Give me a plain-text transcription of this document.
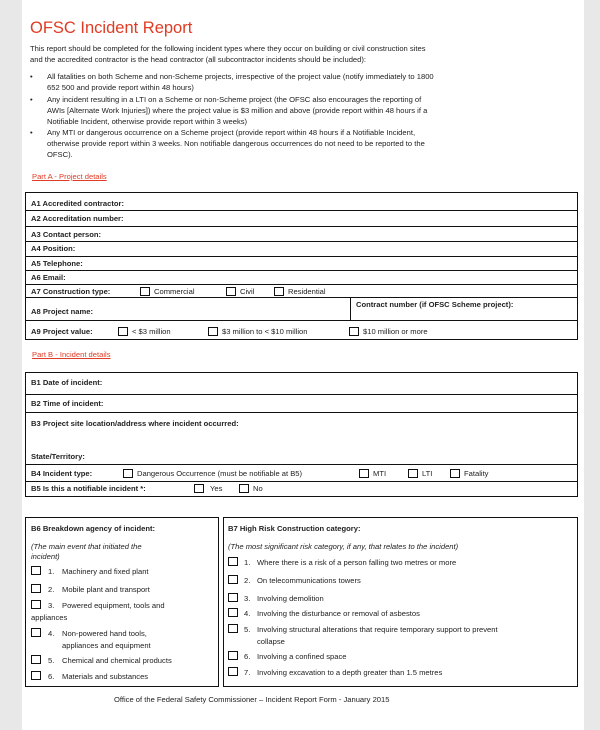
OFSC Incident Report
This report should be completed for the following incident types where they occur on building or civil construction sites
and the accredited contractor is the head contractor (all subcontractor incidents should be included):
• All fatalities on both Scheme and non-Scheme projects, irrespective of the project value (notify immediately to 1800
652 500 and provide report within 48 hours)
• Any incident resulting in a LTI on a Scheme or non-Scheme project (the OFSC also encourages the reporting of
AWIs [Alternate Work Injuries]) where the project value is $3 million and above (provide report within 48 hours if a
Notifiable Incident, otherwise provide report within 3 weeks)
• Any MTI or dangerous occurrence on a Scheme project (provide report within 48 hours if a Notifiable Incident,
otherwise provide report within 3 weeks. Non notifiable dangerous occurrences do not need to be reported to the
OFSC).
Part A - Project details
A1 Accredited contractor:
A2 Accreditation number:
A3 Contact person:
A4 Position:
A5 Telephone:
A6 Email:
A7 Construction type:	Commercial	Civil	Residential
A8 Project name:
Contract number (if OFSC Scheme project):
A9 Project value:	< $3 million	$3 million to < $10 million	$10 million or more
Part B - Incident details
B1 Date of incident:
B2 Time of incident:
B3 Project site location/address where incident occurred:
State/Territory:
B4 Incident type:	Dangerous Occurrence (must be notifiable at B5)	MTI	LTI	Fatality
B5 Is this a notifiable incident *:	Yes	No
B6 Breakdown agency of incident:
(The main event that initiated the
incident)
1. Machinery and fixed plant
2. Mobile plant and transport
3. Powered equipment, tools and
appliances
4. Non-powered hand tools,
appliances and equipment
5. Chemical and chemical products
6. Materials and substances
B7 High Risk Construction category:
(The most significant risk category, if any, that relates to the incident)
1. Where there is a risk of a person falling two metres or more
2. On telecommunications towers
3. Involving demolition
4. Involving the disturbance or removal of asbestos
5. Involving structural alterations that require temporary support to prevent
collapse
6. Involving a confined space
7. Involving excavation to a depth greater than 1.5 metres
Office of the Federal Safety Commissioner – Incident Report Form - January 2015
